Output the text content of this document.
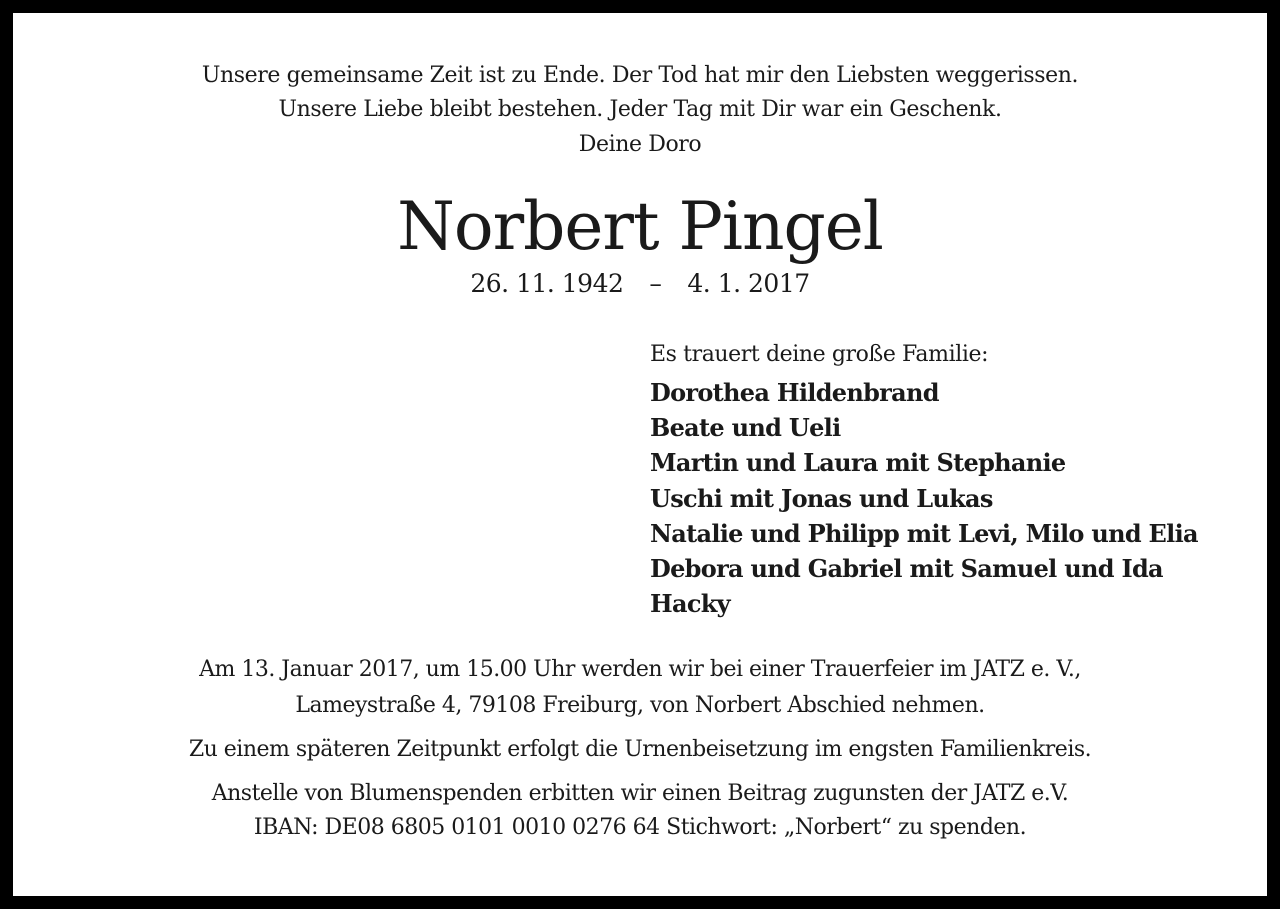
Unsere gemeinsame Zeit ist zu Ende. Der Tod hat mir den Liebsten weggerissen.
Unsere Liebe bleibt bestehen. Jeder Tag mit Dir war ein Geschenk.
Deine Doro
Norbert Pingel
26. 11. 1942 – 4. 1. 2017
Es trauert deine große Familie:
Dorothea Hildenbrand
Beate und Ueli
Martin und Laura mit Stephanie
Uschi mit Jonas und Lukas
Natalie und Philipp mit Levi, Milo und Elia
Debora und Gabriel mit Samuel und Ida
Hacky
Am 13. Januar 2017, um 15.00 Uhr werden wir bei einer Trauerfeier im JATZ e. V.,
Lameystraße 4, 79108 Freiburg, von Norbert Abschied nehmen.
Zu einem späteren Zeitpunkt erfolgt die Urnenbeisetzung im engsten Familienkreis.
Anstelle von Blumenspenden erbitten wir einen Beitrag zugunsten der JATZ e.V.
IBAN: DE08 6805 0101 0010 0276 64 Stichwort: „Norbert“ zu spenden.
